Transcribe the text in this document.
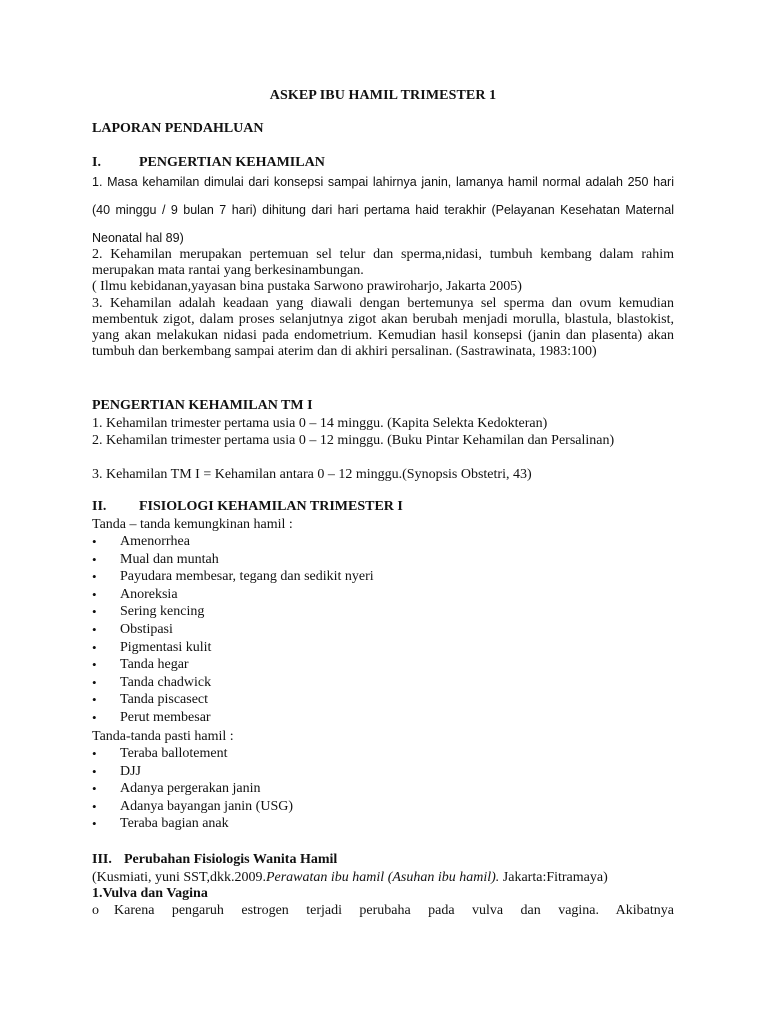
ASKEP IBU HAMIL TRIMESTER 1
LAPORAN PENDAHLUAN
I.	PENGERTIAN KEHAMILAN
1. Masa kehamilan dimulai dari konsepsi sampai lahirnya janin, lamanya hamil normal adalah 250 hari (40 minggu / 9 bulan 7 hari) dihitung dari hari pertama haid terakhir (Pelayanan Kesehatan Maternal Neonatal hal 89)
2. Kehamilan merupakan pertemuan sel telur dan sperma,nidasi, tumbuh kembang dalam rahim merupakan mata rantai yang berkesinambungan.
( Ilmu kebidanan,yayasan bina pustaka Sarwono prawiroharjo, Jakarta 2005)
3. Kehamilan adalah keadaan yang diawali dengan bertemunya sel sperma dan ovum kemudian membentuk zigot, dalam proses selanjutnya zigot akan berubah menjadi morulla, blastula, blastokist, yang akan melakukan nidasi pada endometrium. Kemudian hasil konsepsi (janin dan plasenta) akan tumbuh dan berkembang sampai aterim dan di akhiri persalinan. (Sastrawinata, 1983:100)
PENGERTIAN KEHAMILAN TM I
1. Kehamilan trimester pertama usia 0 – 14 minggu. (Kapita Selekta Kedokteran)
2. Kehamilan trimester pertama usia 0 – 12 minggu. (Buku Pintar Kehamilan dan Persalinan)
3. Kehamilan TM I = Kehamilan antara 0 – 12 minggu.(Synopsis Obstetri, 43)
II.	FISIOLOGI KEHAMILAN TRIMESTER I
Tanda – tanda kemungkinan hamil :
•
Amenorrhea
•
Mual dan muntah
•
Payudara membesar, tegang dan sedikit nyeri
•
Anoreksia
•
Sering kencing
•
Obstipasi
•
Pigmentasi kulit
•
Tanda hegar
•
Tanda chadwick
•
Tanda piscasect
•
Perut membesar
Tanda-tanda pasti hamil :
•
Teraba ballotement
•
DJJ
•
Adanya pergerakan janin
•
Adanya bayangan janin (USG)
•
Teraba bagian anak
III. Perubahan Fisiologis Wanita Hamil
(Kusmiati, yuni SST,dkk.2009.Perawatan ibu hamil (Asuhan ibu hamil). Jakarta:Fitramaya)
1.Vulva dan Vagina
o	Karena pengaruh estrogen terjadi perubaha pada vulva dan vagina. Akibatnya
